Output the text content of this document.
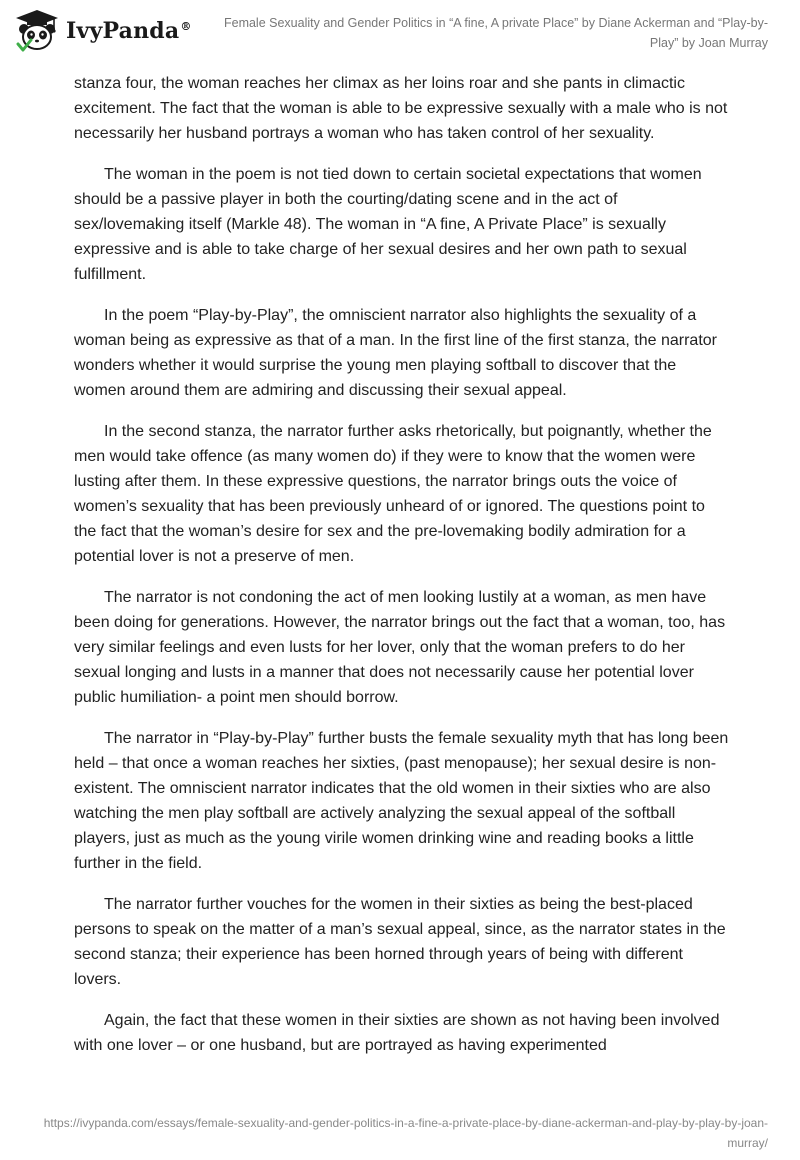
IvyPanda®	Female Sexuality and Gender Politics in “A fine, A private Place” by Diane Ackerman and “Play-by-Play” by Joan Murray

stanza four, the woman reaches her climax as her loins roar and she pants in climactic excitement. The fact that the woman is able to be expressive sexually with a male who is not necessarily her husband portrays a woman who has taken control of her sexuality.

The woman in the poem is not tied down to certain societal expectations that women should be a passive player in both the courting/dating scene and in the act of sex/lovemaking itself (Markle 48). The woman in “A fine, A Private Place” is sexually expressive and is able to take charge of her sexual desires and her own path to sexual fulfillment.

In the poem “Play-by-Play”, the omniscient narrator also highlights the sexuality of a woman being as expressive as that of a man. In the first line of the first stanza, the narrator wonders whether it would surprise the young men playing softball to discover that the women around them are admiring and discussing their sexual appeal.

In the second stanza, the narrator further asks rhetorically, but poignantly, whether the men would take offence (as many women do) if they were to know that the women were lusting after them. In these expressive questions, the narrator brings outs the voice of women’s sexuality that has been previously unheard of or ignored. The questions point to the fact that the woman’s desire for sex and the pre-lovemaking bodily admiration for a potential lover is not a preserve of men.

The narrator is not condoning the act of men looking lustily at a woman, as men have been doing for generations. However, the narrator brings out the fact that a woman, too, has very similar feelings and even lusts for her lover, only that the woman prefers to do her sexual longing and lusts in a manner that does not necessarily cause her potential lover public humiliation- a point men should borrow.

The narrator in “Play-by-Play” further busts the female sexuality myth that has long been held – that once a woman reaches her sixties, (past menopause); her sexual desire is non-existent. The omniscient narrator indicates that the old women in their sixties who are also watching the men play softball are actively analyzing the sexual appeal of the softball players, just as much as the young virile women drinking wine and reading books a little further in the field.

The narrator further vouches for the women in their sixties as being the best-placed persons to speak on the matter of a man’s sexual appeal, since, as the narrator states in the second stanza; their experience has been horned through years of being with different lovers.

Again, the fact that these women in their sixties are shown as not having been involved with one lover – or one husband, but are portrayed as having experimented

https://ivypanda.com/essays/female-sexuality-and-gender-politics-in-a-fine-a-private-place-by-diane-ackerman-and-play-by-play-by-joan-murray/
